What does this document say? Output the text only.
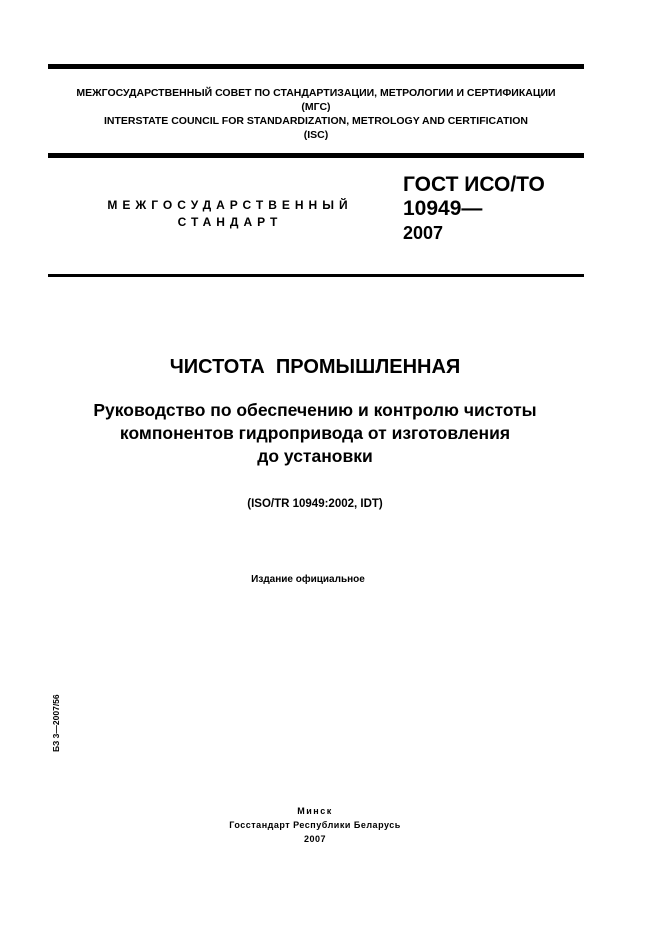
МЕЖГОСУДАРСТВЕННЫЙ СОВЕТ ПО СТАНДАРТИЗАЦИИ, МЕТРОЛОГИИ И СЕРТИФИКАЦИИ
(МГС)
INTERSTATE COUNCIL FOR STANDARDIZATION, METROLOGY AND CERTIFICATION
(ISC)
МЕЖГОСУДАРСТВЕННЫЙ
СТАНДАРТ
ГОСТ ИСО/ТО
10949—
2007
ЧИСТОТА  ПРОМЫШЛЕННАЯ
Руководство по обеспечению и контролю чистоты
компонентов гидропривода от изготовления
до установки
(ISO/TR 10949:2002, IDT)
Издание официальное
БЗ 3—2007/56
Минск
Госстандарт Республики Беларусь
2007
